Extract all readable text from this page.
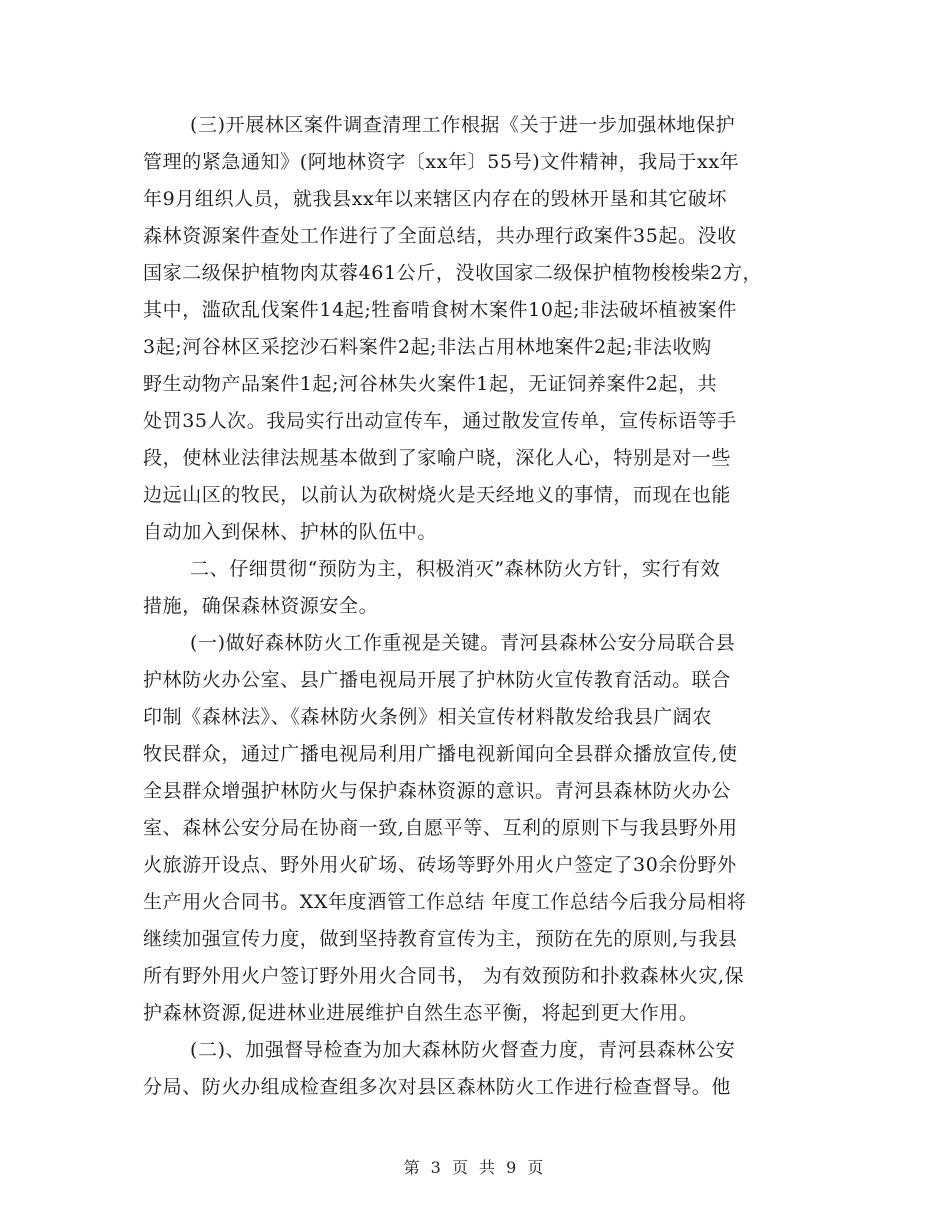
(三)开展林区案件调查清理工作根据《关于进一步加强林地保护
管理的紧急通知》(阿地林资字〔xx年〕55号)文件精神，我局于xx年
年9月组织人员，就我县xx年以来辖区内存在的毁林开垦和其它破坏
森林资源案件查处工作进行了全面总结，共办理行政案件35起。没收
国家二级保护植物肉苁蓉461公斤，没收国家二级保护植物梭梭柴2方，
其中，滥砍乱伐案件14起;牲畜啃食树木案件10起;非法破坏植被案件
3起;河谷林区采挖沙石料案件2起;非法占用林地案件2起;非法收购
野生动物产品案件1起;河谷林失火案件1起，无证饲养案件2起，共
处罚35人次。我局实行出动宣传车，通过散发宣传单，宣传标语等手
段，使林业法律法规基本做到了家喻户晓，深化人心，特别是对一些
边远山区的牧民，以前认为砍树烧火是天经地义的事情，而现在也能
自动加入到保林、护林的队伍中。
二、仔细贯彻“预防为主，积极消灭”森林防火方针，实行有效
措施，确保森林资源安全。
(一)做好森林防火工作重视是关键。青河县森林公安分局联合县
护林防火办公室、县广播电视局开展了护林防火宣传教育活动。联合
印制《森林法》、《森林防火条例》相关宣传材料散发给我县广阔农
牧民群众，通过广播电视局利用广播电视新闻向全县群众播放宣传,使
全县群众增强护林防火与保护森林资源的意识。青河县森林防火办公
室、森林公安分局在协商一致,自愿平等、互利的原则下与我县野外用
火旅游开设点、野外用火矿场、砖场等野外用火户签定了30余份野外
生产用火合同书。XX年度酒管工作总结 年度工作总结今后我分局相将
继续加强宣传力度，做到坚持教育宣传为主，预防在先的原则,与我县
所有野外用火户签订野外用火合同书， 为有效预防和扑救森林火灾,保
护森林资源,促进林业进展维护自然生态平衡，将起到更大作用。
(二)、加强督导检查为加大森林防火督查力度，青河县森林公安
分局、防火办组成检查组多次对县区森林防火工作进行检查督导。他
第 3 页 共 9 页
